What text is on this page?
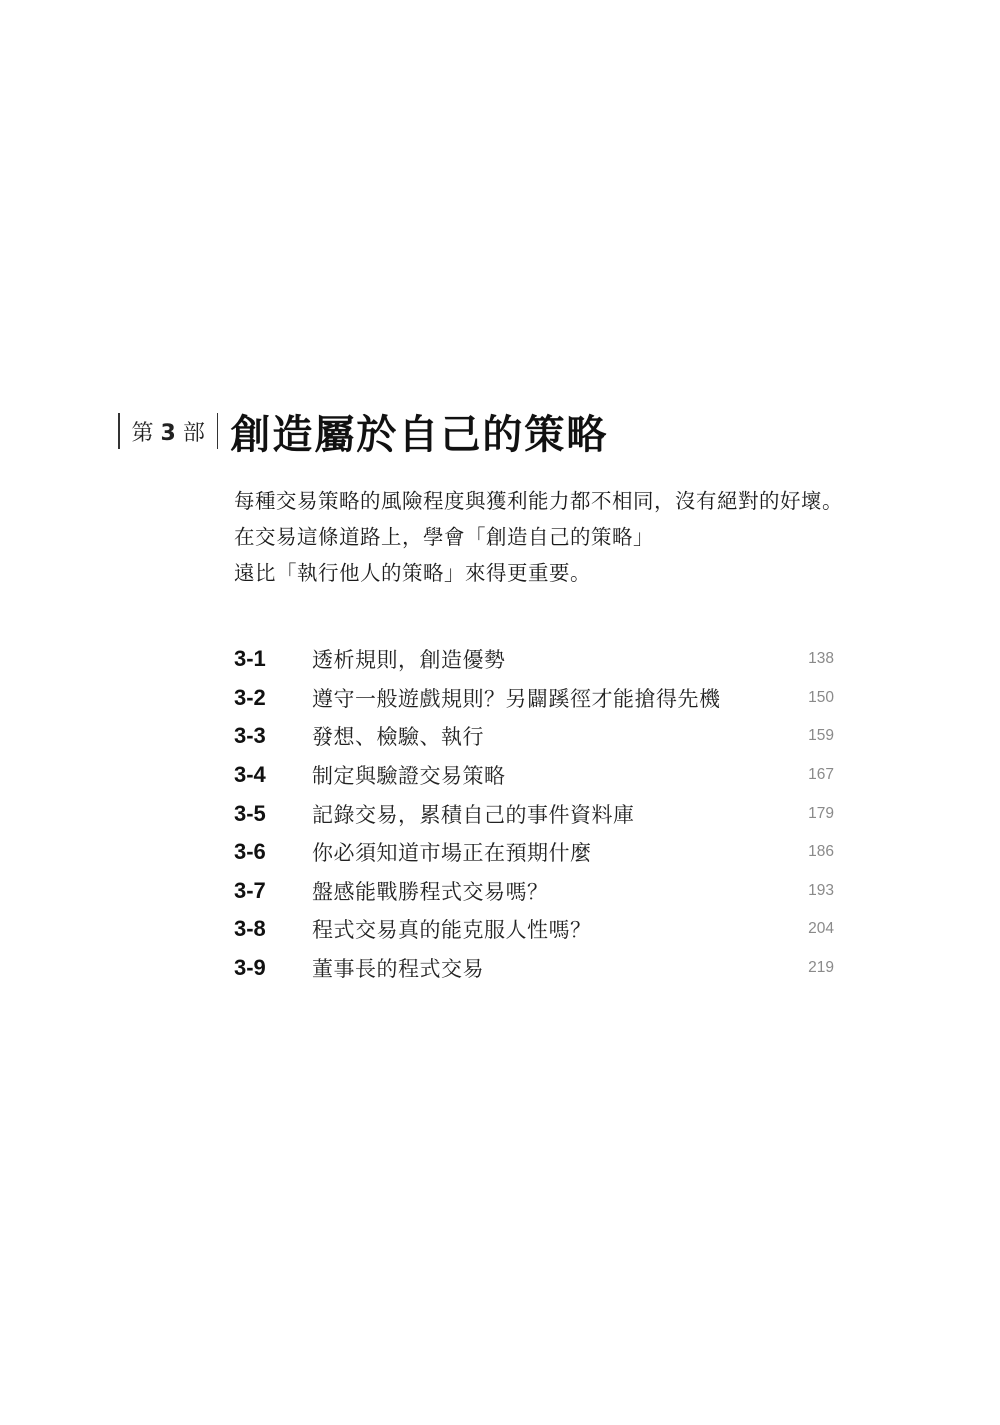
第 3 部 創造屬於自己的策略
每種交易策略的風險程度與獲利能力都不相同，沒有絕對的好壞。
在交易這條道路上，學會「創造自己的策略」
遠比「執行他人的策略」來得更重要。
3-1	透析規則，創造優勢	138
3-2	遵守一般遊戲規則？另闢蹊徑才能搶得先機	150
3-3	發想、檢驗、執行	159
3-4	制定與驗證交易策略	167
3-5	記錄交易，累積自己的事件資料庫	179
3-6	你必須知道市場正在預期什麼	186
3-7	盤感能戰勝程式交易嗎？	193
3-8	程式交易真的能克服人性嗎？	204
3-9	董事長的程式交易	219
